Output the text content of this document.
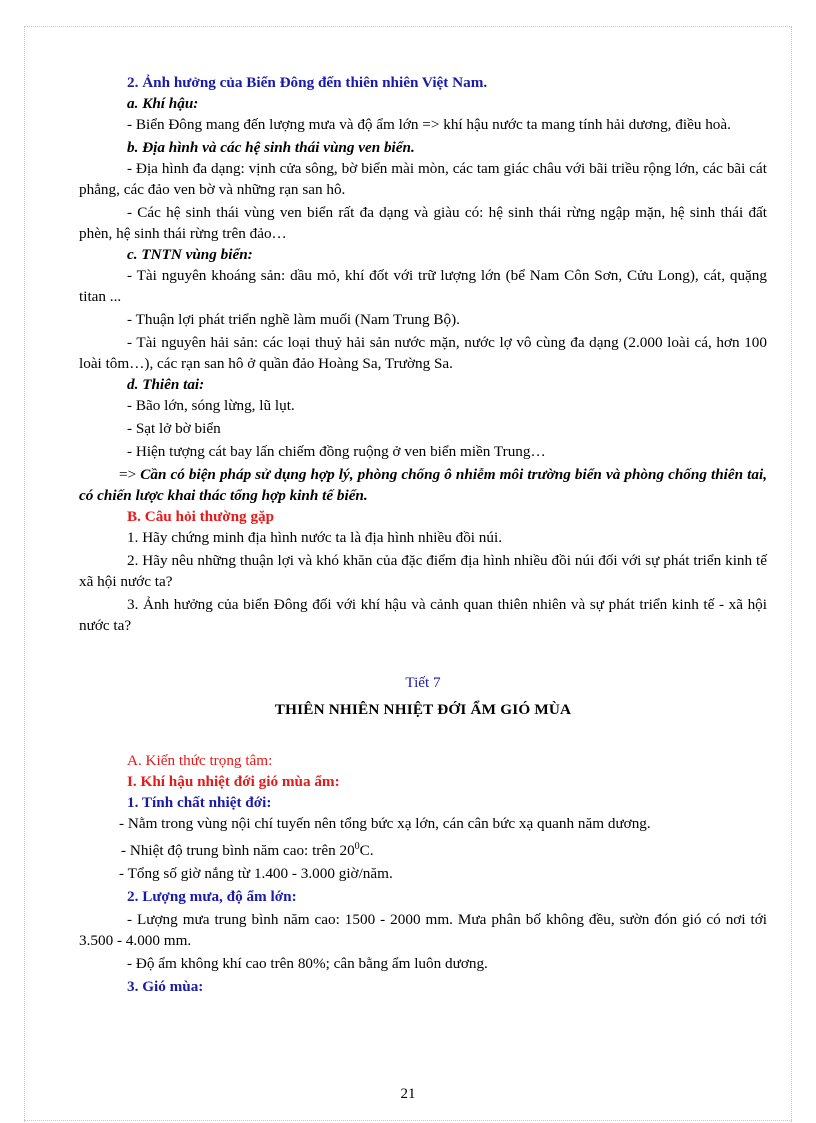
2. Ảnh hưởng của Biển Đông đến thiên nhiên Việt Nam.

a. Khí hậu:

- Biển Đông mang đến lượng mưa và độ ẩm lớn => khí hậu nước ta mang tính hải dương, điều hoà.

b. Địa hình và các hệ sinh thái vùng ven biển.

- Địa hình đa dạng: vịnh cửa sông, bờ biển mài mòn, các tam giác châu với bãi triều rộng lớn, các bãi cát phẳng, các đảo ven bờ và những rạn san hô.

- Các hệ sinh thái vùng ven biển rất đa dạng và giàu có: hệ sinh thái rừng ngập mặn, hệ sinh thái đất phèn, hệ sinh thái rừng trên đảo…

c. TNTN vùng biển:

- Tài nguyên khoáng sản: dầu mỏ, khí đốt với trữ lượng lớn (bể Nam Côn Sơn, Cửu Long), cát, quặng titan ...

- Thuận lợi phát triển nghề làm muối (Nam Trung Bộ).

- Tài nguyên hải sản: các loại thuỷ hải sản nước mặn, nước lợ vô cùng đa dạng (2.000 loài cá, hơn 100 loài tôm…), các rạn san hô ở quần đảo Hoàng Sa, Trường Sa.

d. Thiên tai:

- Bão lớn, sóng lừng, lũ lụt.

- Sạt lở bờ biển

- Hiện tượng cát bay lấn chiếm đồng ruộng ở ven biển miền Trung…

=> Cần có biện pháp sử dụng hợp lý, phòng chống ô nhiễm môi trường biển và phòng chống thiên tai, có chiến lược khai thác tổng hợp kinh tế biển.

B. Câu hỏi thường gặp

1. Hãy chứng minh địa hình nước ta là địa hình nhiều đồi núi.

2. Hãy nêu những thuận lợi và khó khăn của đặc điểm địa hình nhiều đồi núi đối với sự phát triển kinh tế xã hội nước ta?

3. Ảnh hưởng của biển Đông đối với khí hậu và cảnh quan thiên nhiên và sự phát triển kinh tế - xã hội nước ta?

Tiết 7

THIÊN NHIÊN NHIỆT ĐỚI ẨM GIÓ MÙA

A. Kiến thức trọng tâm:

I. Khí hậu nhiệt đới gió mùa ẩm:

1. Tính chất nhiệt đới:

- Nằm trong vùng nội chí tuyến nên tổng bức xạ lớn, cán cân bức xạ quanh năm dương.

- Nhiệt độ trung bình năm cao: trên $20^0C$.

- Tổng số giờ nắng từ 1.400 - 3.000 giờ/năm.

2. Lượng mưa, độ ẩm lớn:

- Lượng mưa trung bình năm cao: 1500 - 2000 mm. Mưa phân bố không đều, sườn đón gió có nơi tới 3.500 - 4.000 mm.

- Độ ẩm không khí cao trên 80%; cân bằng ẩm luôn dương.

3. Gió mùa:

21
